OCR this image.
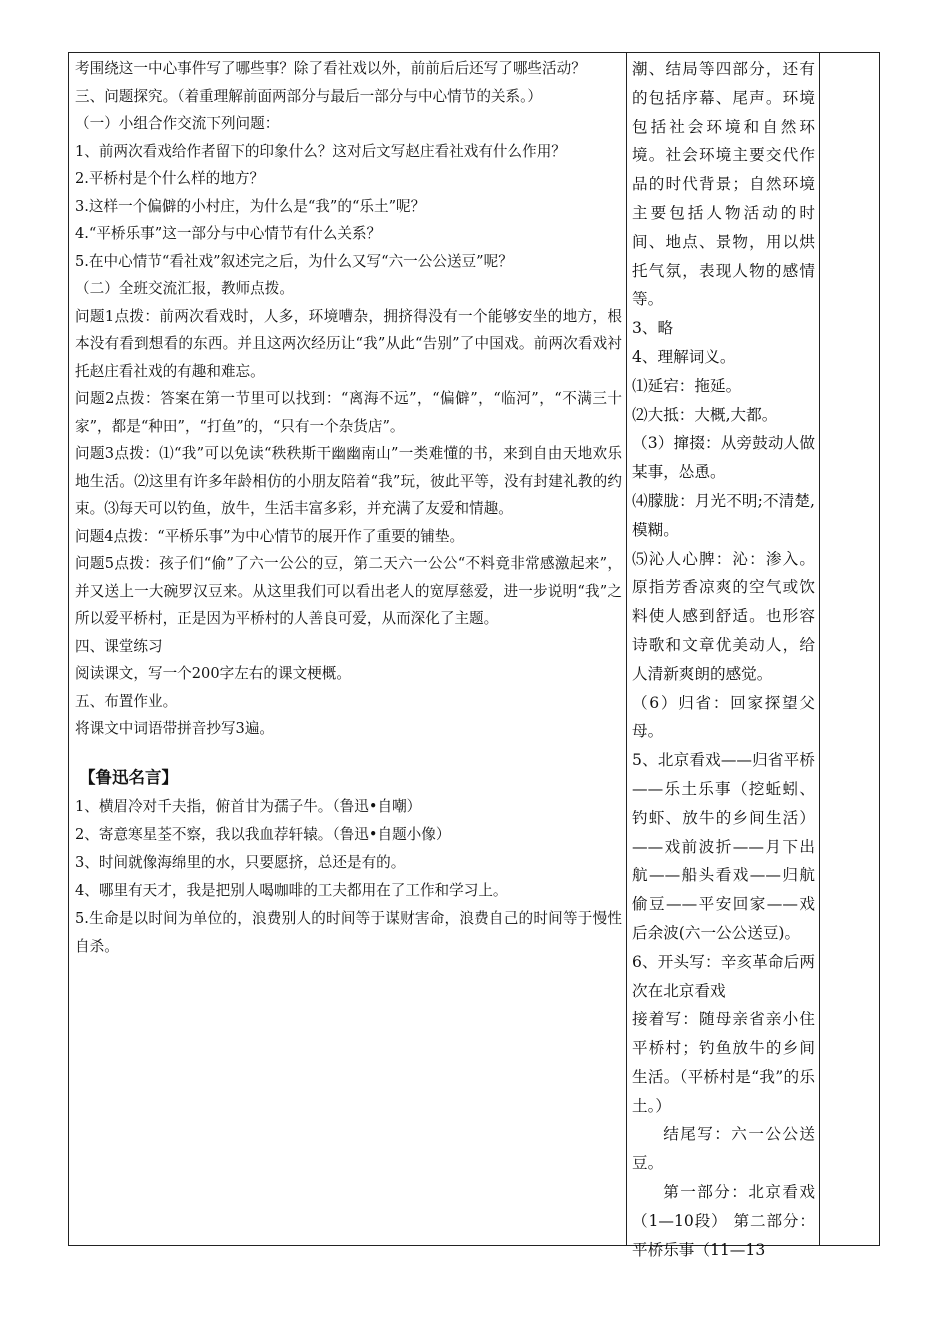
考围绕这一中心事件写了哪些事？除了看社戏以外，前前后后还写了哪些活动？

三、问题探究。（着重理解前面两部分与最后一部分与中心情节的关系。）

（一）小组合作交流下列问题：

1、前两次看戏给作者留下的印象什么？这对后文写赵庄看社戏有什么作用？

2.平桥村是个什么样的地方？

3.这样一个偏僻的小村庄，为什么是“我”的“乐土”呢？

4.“平桥乐事”这一部分与中心情节有什么关系？

5.在中心情节“看社戏”叙述完之后，为什么又写“六一公公送豆”呢？

（二）全班交流汇报，教师点拨。

问题1点拨：前两次看戏时，人多，环境嘈杂，拥挤得没有一个能够安坐的地方，根本没有看到想看的东西。并且这两次经历让“我”从此“告别”了中国戏。前两次看戏衬托赵庄看社戏的有趣和难忘。

问题2点拨：答案在第一节里可以找到：“离海不远”，“偏僻”，“临河”，“不满三十家”，都是“种田”，“打鱼”的，“只有一个杂货店”。

问题3点拨：⑴“我”可以免读“秩秩斯干幽幽南山”一类难懂的书，来到自由天地欢乐地生活。⑵这里有许多年龄相仿的小朋友陪着“我”玩，彼此平等，没有封建礼教的约束。⑶每天可以钓鱼，放牛，生活丰富多彩，并充满了友爱和情趣。

问题4点拨：“平桥乐事”为中心情节的展开作了重要的铺垫。

问题5点拨：孩子们“偷”了六一公公的豆，第二天六一公公“不料竟非常感激起来”，并又送上一大碗罗汉豆来。从这里我们可以看出老人的宽厚慈爱，进一步说明“我”之所以爱平桥村，正是因为平桥村的人善良可爱，从而深化了主题。

四、课堂练习

阅读课文，写一个200字左右的课文梗概。

五、布置作业。

将课文中词语带拼音抄写3遍。

【鲁迅名言】

1、横眉冷对千夫指，俯首甘为孺子牛。（鲁迅•自嘲）

2、寄意寒星荃不察，我以我血荐轩辕。（鲁迅•自题小像）

3、时间就像海绵里的水，只要愿挤，总还是有的。

4、哪里有天才，我是把别人喝咖啡的工夫都用在了工作和学习上。

5.生命是以时间为单位的，浪费别人的时间等于谋财害命，浪费自己的时间等于慢性自杀。

潮、结局等四部分，还有的包括序幕、尾声。环境包括社会环境和自然环境。社会环境主要交代作品的时代背景；自然环境主要包括人物活动的时间、地点、景物，用以烘托气氛，表现人物的感情等。

3、略

4、理解词义。

⑴延宕：拖延。

⑵大抵：大概,大都。

（3）撺掇：从旁鼓动人做某事，怂恿。

⑷朦胧：月光不明;不清楚,模糊。

⑸沁人心脾：沁：渗入。原指芳香凉爽的空气或饮料使人感到舒适。也形容诗歌和文章优美动人，给人清新爽朗的感觉。

（6）归省：回家探望父母。

5、北京看戏——归省平桥——乐土乐事（挖蚯蚓、钓虾、放牛的乡间生活）——戏前波折——月下出航——船头看戏——归航偷豆——平安回家——戏后余波(六一公公送豆)。

6、开头写：辛亥革命后两次在北京看戏

接着写：随母亲省亲小住平桥村；钓鱼放牛的乡间生活。（平桥村是“我”的乐土。）

结尾写：六一公公送豆。

第一部分：北京看戏（1—10段） 第二部分：平桥乐事（11—13
